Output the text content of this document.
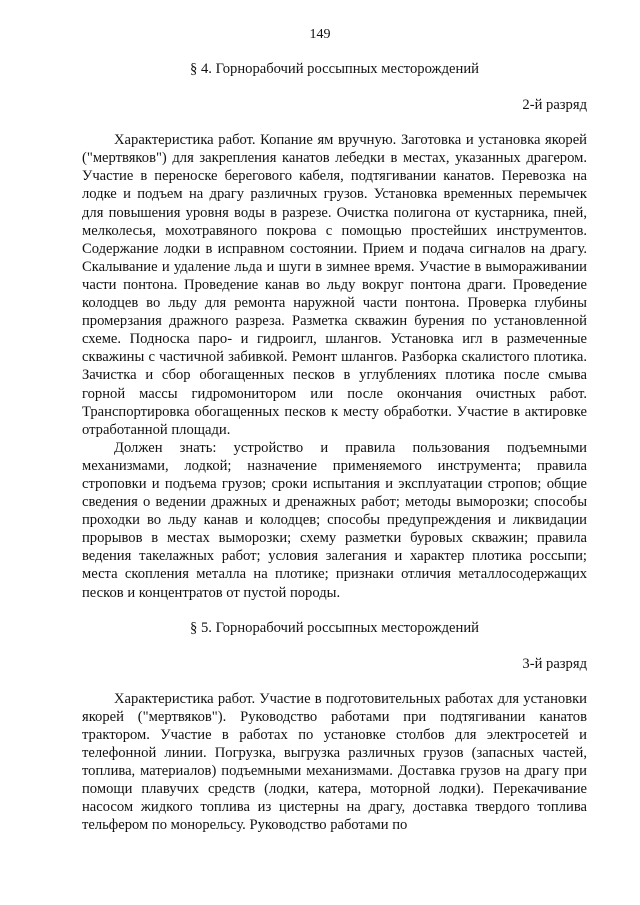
149

§ 4. Горнорабочий россыпных месторождений

2-й разряд

Характеристика работ. Копание ям вручную. Заготовка и установка якорей ("мертвяков") для закрепления канатов лебедки в местах, указанных драгером. Участие в переноске берегового кабеля, подтягивании канатов. Перевозка на лодке и подъем на драгу различных грузов. Установка временных перемычек для повышения уровня воды в разрезе. Очистка полигона от кустарника, пней, мелколесья, мохотравяного покрова с помощью простейших инструментов. Содержание лодки в исправном состоянии. Прием и подача сигналов на драгу. Скалывание и удаление льда и шуги в зимнее время. Участие в вымораживании части понтона. Проведение канав во льду вокруг понтона драги. Проведение колодцев во льду для ремонта наружной части понтона. Проверка глубины промерзания дражного разреза. Разметка скважин бурения по установленной схеме. Подноска паро- и гидроигл, шлангов. Установка игл в размеченные скважины с частичной забивкой. Ремонт шлангов. Разборка скалистого плотика. Зачистка и сбор обогащенных песков в углублениях плотика после смыва горной массы гидромонитором или после окончания очистных работ. Транспортировка обогащенных песков к месту обработки. Участие в актировке отработанной площади.

Должен знать: устройство и правила пользования подъемными механизмами, лодкой; назначение применяемого инструмента; правила строповки и подъема грузов; сроки испытания и эксплуатации стропов; общие сведения о ведении дражных и дренажных работ; методы выморозки; способы проходки во льду канав и колодцев; способы предупреждения и ликвидации прорывов в местах выморозки; схему разметки буровых скважин; правила ведения такелажных работ; условия залегания и характер плотика россыпи; места скопления металла на плотике; признаки отличия металлосодержащих песков и концентратов от пустой породы.

§ 5. Горнорабочий россыпных месторождений

3-й разряд

Характеристика работ. Участие в подготовительных работах для установки якорей ("мертвяков"). Руководство работами при подтягивании канатов трактором. Участие в работах по установке столбов для электросетей и телефонной линии. Погрузка, выгрузка различных грузов (запасных частей, топлива, материалов) подъемными механизмами. Доставка грузов на драгу при помощи плавучих средств (лодки, катера, моторной лодки). Перекачивание насосом жидкого топлива из цистерны на драгу, доставка твердого топлива тельфером по монорельсу. Руководство работами по
